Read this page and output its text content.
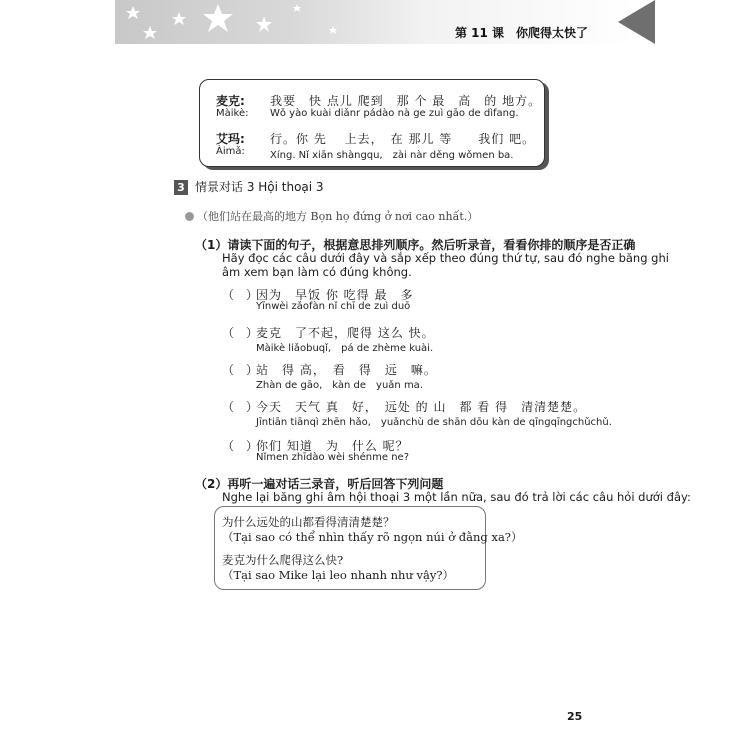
第 11 课　你爬得太快了
麦克:
Màikè:
我要　快 点儿 爬到　那 个 最　高　的 地方。
Wǒ yào kuài diǎnr pádào nà ge zuì gāo de dìfang.
艾玛:
Àimǎ:
行。你 先　 上去，　在 那儿 等　　我们 吧。
Xíng. Nǐ xiān shàngqu,　zài nàr děng wǒmen ba.
3 情景对话 3 Hội thoại 3
（他们站在最高的地方 Bọn họ đứng ở nơi cao nhất.）
（1）请读下面的句子，根据意思排列顺序。然后听录音，看看你排的顺序是否正确
Hãy đọc các câu dưới đây và sắp xếp theo đúng thứ tự, sau đó nghe băng ghi
âm xem bạn làm có đúng không.
（　）
因为　早饭 你 吃得 最　多
Yīnwèi zǎofàn nǐ chī de zuì duō
（　）
麦克　了不起，爬得 这么 快。
Màikè liǎobuqǐ,　pá de zhème kuài.
（　）
站　得 高，　看　得　远　嘛。
Zhàn de gāo,　kàn de　yuǎn ma.
（　）
今天　天气 真　好，　远处 的 山　都 看 得　清清楚楚。
Jīntiān tiānqì zhēn hǎo,　yuǎnchù de shān dōu kàn de qīngqīngchǔchǔ.
（　）
你们 知道　为　什么 呢？
Nǐmen zhīdào wèi shénme ne?
（2）再听一遍对话三录音，听后回答下列问题
Nghe lại băng ghi âm hội thoại 3 một lần nữa, sau đó trả lời các câu hỏi dưới đây:
为什么远处的山都看得清清楚楚？
（Tại sao có thể nhìn thấy rõ ngọn núi ở đằng xa?）
麦克为什么爬得这么快?
（Tại sao Mike lại leo nhanh như vậy?）
25
